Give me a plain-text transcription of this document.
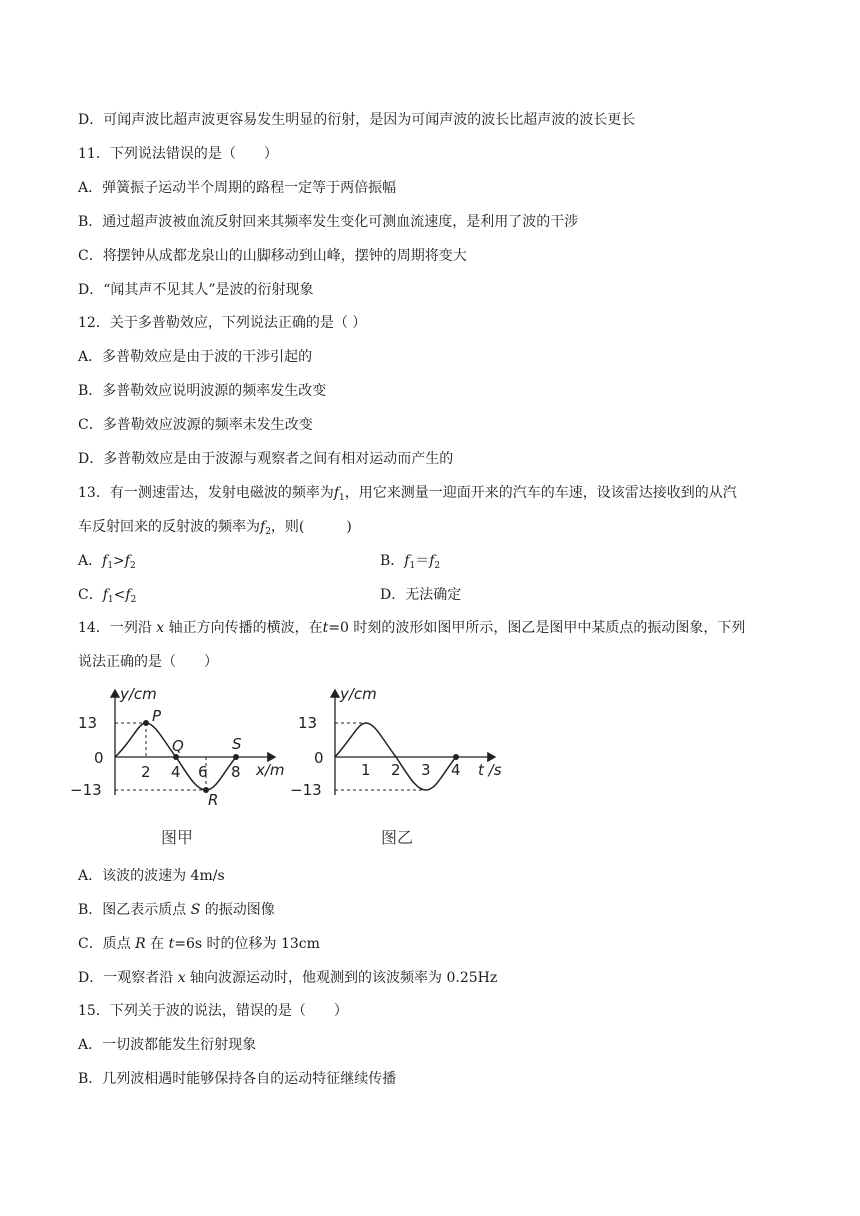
D．可闻声波比超声波更容易发生明显的衍射，是因为可闻声波的波长比超声波的波长更长
11．下列说法错误的是（　　）
A．弹簧振子运动半个周期的路程一定等于两倍振幅
B．通过超声波被血流反射回来其频率发生变化可测血流速度，是利用了波的干涉
C．将摆钟从成都龙泉山的山脚移动到山峰，摆钟的周期将变大
D．“闻其声不见其人”是波的衍射现象
12．关于多普勒效应，下列说法正确的是（ ）
A．多普勒效应是由于波的干涉引起的
B．多普勒效应说明波源的频率发生改变
C．多普勒效应波源的频率未发生改变
D．多普勒效应是由于波源与观察者之间有相对运动而产生的
13．有一测速雷达，发射电磁波的频率为$f_1$，用它来测量一迎面开来的汽车的车速，设该雷达接收到的从汽
车反射回来的反射波的频率为$f_2$，则(　　　)
A．$f_1>f_2$	B．$f_1=f_2$
C．$f_1<f_2$	D．无法确定
14．一列沿 x 轴正方向传播的横波，在t=0 时刻的波形如图甲所示，图乙是图甲中某质点的振动图象，下列
说法正确的是（　　）
y/cm
13
0
−13
2 4 6 8 x/m
P
Q
R
S
图甲
y/cm
13
0
−13
1 2 3 4 t /s
图乙
A．该波的波速为 4m/s
B．图乙表示质点 S 的振动图像
C．质点 R 在 t=6s 时的位移为 13cm
D．一观察者沿 x 轴向波源运动时，他观测到的该波频率为 0.25Hz
15．下列关于波的说法，错误的是（　　）
A．一切波都能发生衍射现象
B．几列波相遇时能够保持各自的运动特征继续传播
